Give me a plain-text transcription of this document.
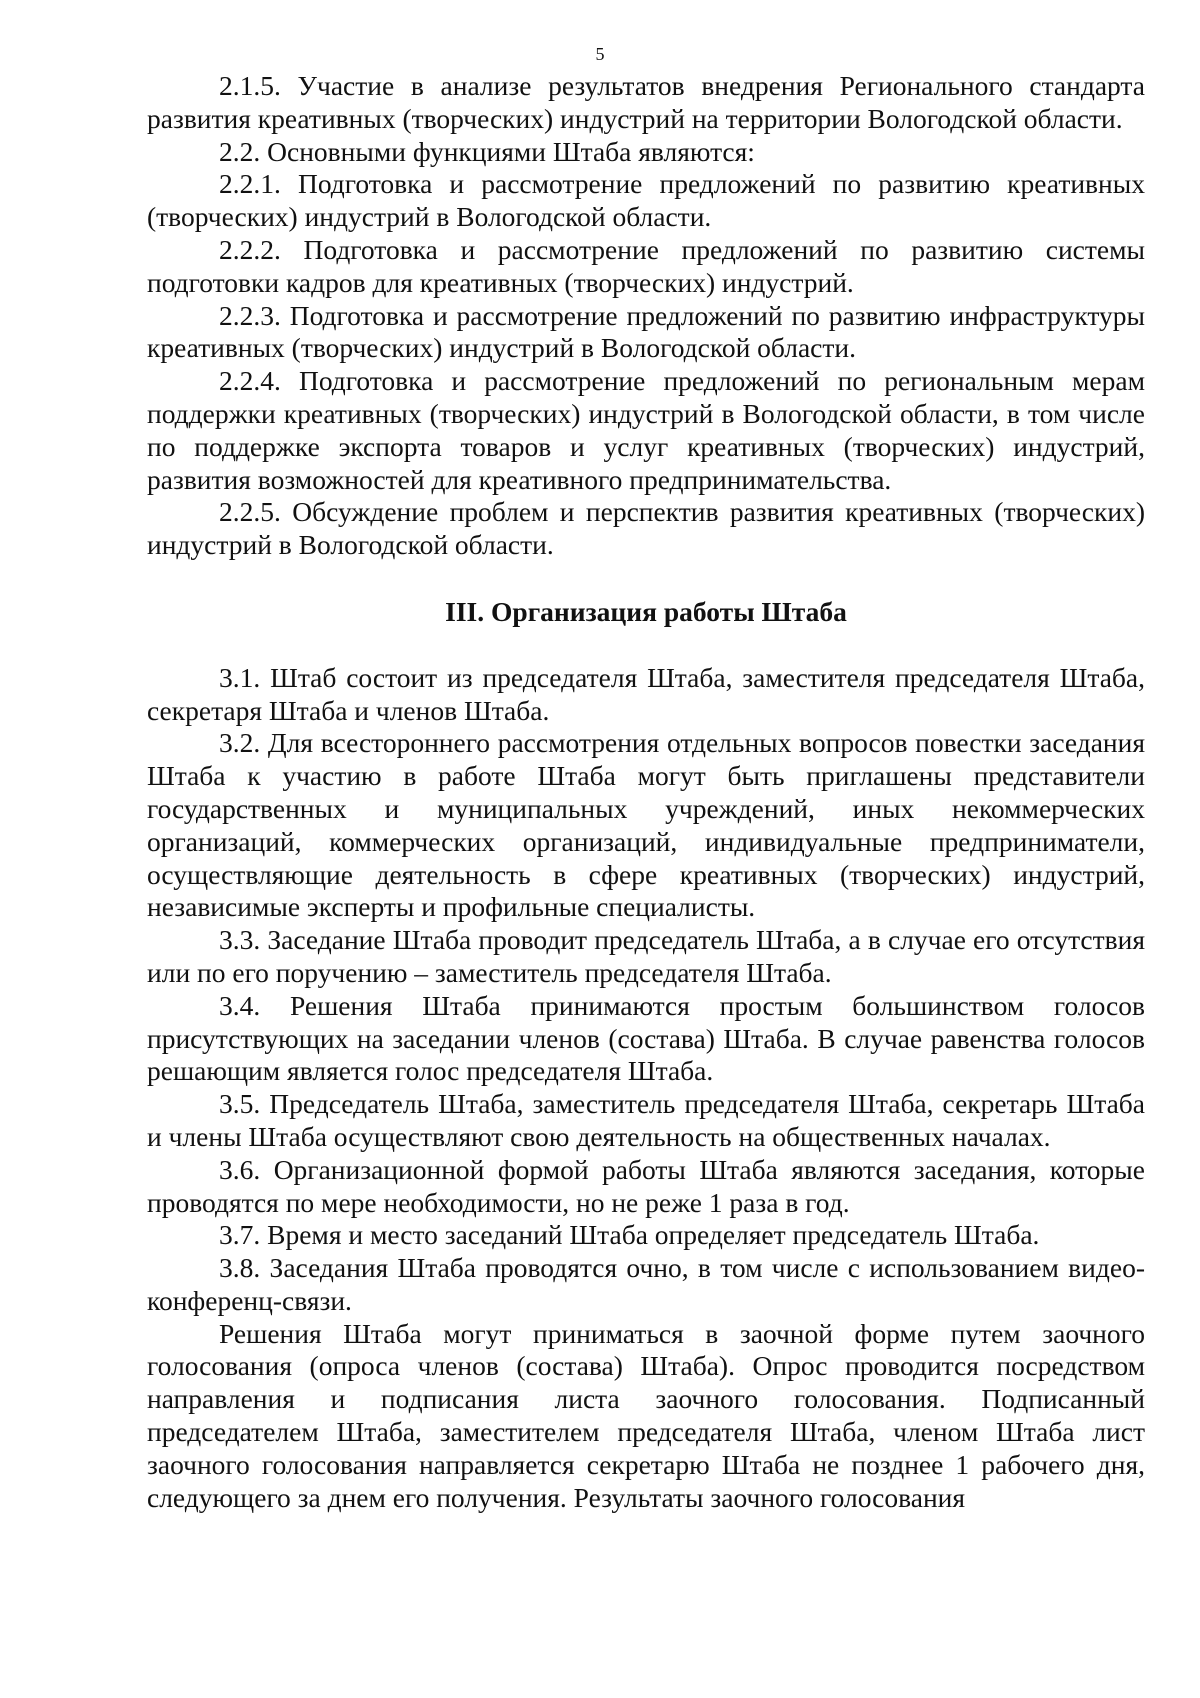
5

2.1.5. Участие в анализе результатов внедрения Регионального стандарта развития креативных (творческих) индустрий на территории Вологодской области.

2.2. Основными функциями Штаба являются:

2.2.1. Подготовка и рассмотрение предложений по развитию креативных (творческих) индустрий в Вологодской области.

2.2.2. Подготовка и рассмотрение предложений по развитию системы подготовки кадров для креативных (творческих) индустрий.

2.2.3. Подготовка и рассмотрение предложений по развитию инфраструктуры креативных (творческих) индустрий в Вологодской области.

2.2.4. Подготовка и рассмотрение предложений по региональным мерам поддержки креативных (творческих) индустрий в Вологодской области, в том числе по поддержке экспорта товаров и услуг креативных (творческих) индустрий, развития возможностей для креативного предпринимательства.

2.2.5. Обсуждение проблем и перспектив развития креативных (творческих) индустрий в Вологодской области.

III. Организация работы Штаба

3.1. Штаб состоит из председателя Штаба, заместителя председателя Штаба, секретаря Штаба и членов Штаба.

3.2. Для всестороннего рассмотрения отдельных вопросов повестки заседания Штаба к участию в работе Штаба могут быть приглашены представители государственных и муниципальных учреждений, иных некоммерческих организаций, коммерческих организаций, индивидуальные предприниматели, осуществляющие деятельность в сфере креативных (творческих) индустрий, независимые эксперты и профильные специалисты.

3.3. Заседание Штаба проводит председатель Штаба, а в случае его отсутствия или по его поручению – заместитель председателя Штаба.

3.4. Решения Штаба принимаются простым большинством голосов присутствующих на заседании членов (состава) Штаба. В случае равенства голосов решающим является голос председателя Штаба.

3.5. Председатель Штаба, заместитель председателя Штаба, секретарь Штаба и члены Штаба осуществляют свою деятельность на общественных началах.

3.6. Организационной формой работы Штаба являются заседания, которые проводятся по мере необходимости, но не реже 1 раза в год.

3.7. Время и место заседаний Штаба определяет председатель Штаба.

3.8. Заседания Штаба проводятся очно, в том числе с использованием видео-конференц-связи.

Решения Штаба могут приниматься в заочной форме путем заочного голосования (опроса членов (состава) Штаба). Опрос проводится посредством направления и подписания листа заочного голосования. Подписанный председателем Штаба, заместителем председателя Штаба, членом Штаба лист заочного голосования направляется секретарю Штаба не позднее 1 рабочего дня, следующего за днем его получения. Результаты заочного голосования
